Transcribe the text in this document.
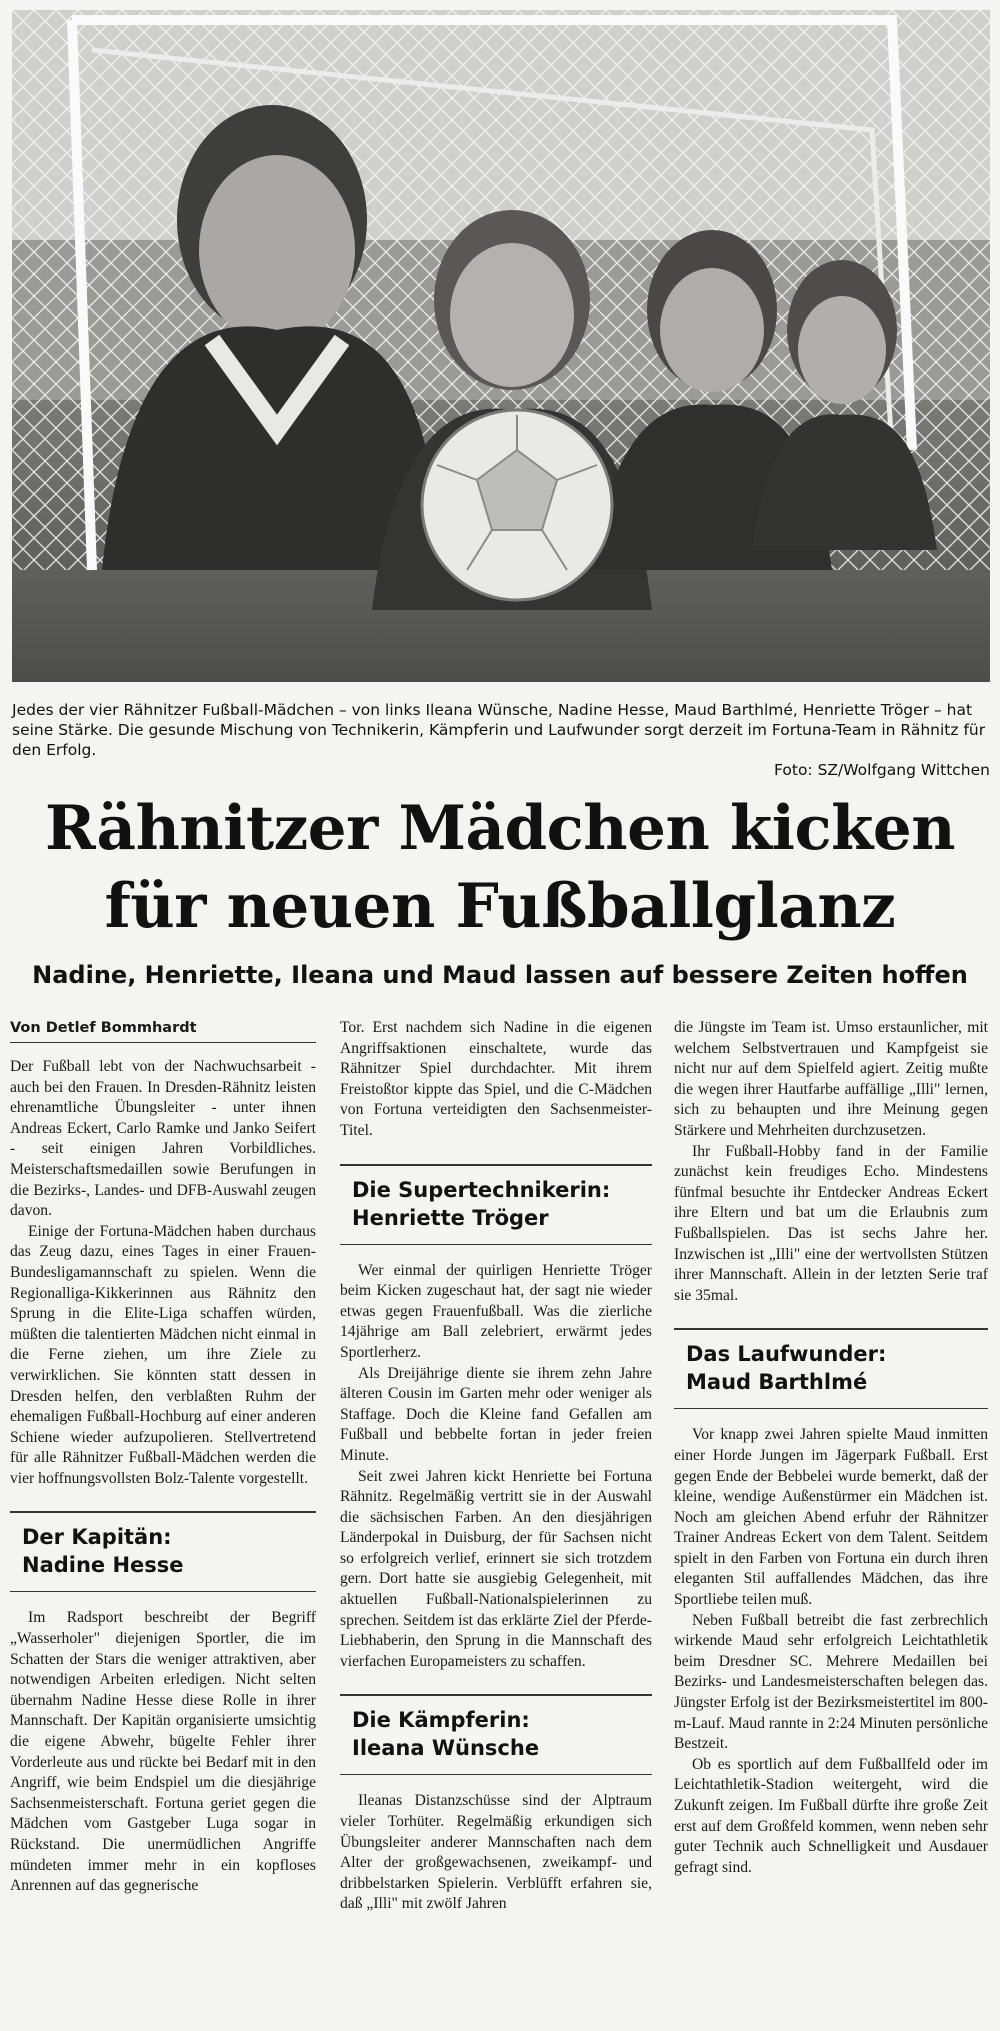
Jedes der vier Rähnitzer Fußball-Mädchen – von links Ileana Wünsche, Nadine Hesse, Maud Barthlmé, Henriette Tröger – hat seine Stärke. Die gesunde Mischung von Technikerin, Kämpferin und Laufwunder sorgt derzeit im Fortuna-Team in Rähnitz für den Erfolg.
Foto: SZ/Wolfgang Wittchen
Rähnitzer Mädchen kicken
für neuen Fußballglanz
Nadine, Henriette, Ileana und Maud lassen auf bessere Zeiten hoffen
Von Detlef Bommhardt

Der Fußball lebt von der Nachwuchsarbeit - auch bei den Frauen. In Dresden-Rähnitz leisten ehrenamtliche Übungsleiter - unter ihnen Andreas Eckert, Carlo Ramke und Janko Seifert - seit einigen Jahren Vorbildliches. Meisterschaftsmedaillen sowie Berufungen in die Bezirks-, Landes- und DFB-Auswahl zeugen davon.

Einige der Fortuna-Mädchen haben durchaus das Zeug dazu, eines Tages in einer Frauen-Bundesligamannschaft zu spielen. Wenn die Regionalliga-Kikkerinnen aus Rähnitz den Sprung in die Elite-Liga schaffen würden, müßten die talentierten Mädchen nicht einmal in die Ferne ziehen, um ihre Ziele zu verwirklichen. Sie könnten statt dessen in Dresden helfen, den verblaßten Ruhm der ehemaligen Fußball-Hochburg auf einer anderen Schiene wieder aufzupolieren. Stellvertretend für alle Rähnitzer Fußball-Mädchen werden die vier hoffnungsvollsten Bolz-Talente vorgestellt.

Der Kapitän:
Nadine Hesse

Im Radsport beschreibt der Begriff „Wasserholer" diejenigen Sportler, die im Schatten der Stars die weniger attraktiven, aber notwendigen Arbeiten erledigen. Nicht selten übernahm Nadine Hesse diese Rolle in ihrer Mannschaft. Der Kapitän organisierte umsichtig die eigene Abwehr, bügelte Fehler ihrer Vorderleute aus und rückte bei Bedarf mit in den Angriff, wie beim Endspiel um die diesjährige Sachsenmeisterschaft. Fortuna geriet gegen die Mädchen vom Gastgeber Luga sogar in Rückstand. Die unermüdlichen Angriffe mündeten immer mehr in ein kopfloses Anrennen auf das gegnerische

Tor. Erst nachdem sich Nadine in die eigenen Angriffsaktionen einschaltete, wurde das Rähnitzer Spiel durchdachter. Mit ihrem Freistoßtor kippte das Spiel, und die C-Mädchen von Fortuna verteidigten den Sachsenmeister-Titel.

Die Supertechnikerin:
Henriette Tröger

Wer einmal der quirligen Henriette Tröger beim Kicken zugeschaut hat, der sagt nie wieder etwas gegen Frauenfußball. Was die zierliche 14jährige am Ball zelebriert, erwärmt jedes Sportlerherz.

Als Dreijährige diente sie ihrem zehn Jahre älteren Cousin im Garten mehr oder weniger als Staffage. Doch die Kleine fand Gefallen am Fußball und bebbelte fortan in jeder freien Minute.

Seit zwei Jahren kickt Henriette bei Fortuna Rähnitz. Regelmäßig vertritt sie in der Auswahl die sächsischen Farben. An den diesjährigen Länderpokal in Duisburg, der für Sachsen nicht so erfolgreich verlief, erinnert sie sich trotzdem gern. Dort hatte sie ausgiebig Gelegenheit, mit aktuellen Fußball-Nationalspielerinnen zu sprechen. Seitdem ist das erklärte Ziel der Pferde-Liebhaberin, den Sprung in die Mannschaft des vierfachen Europameisters zu schaffen.

Die Kämpferin:
Ileana Wünsche

Ileanas Distanzschüsse sind der Alptraum vieler Torhüter. Regelmäßig erkundigen sich Übungsleiter anderer Mannschaften nach dem Alter der großgewachsenen, zweikampf- und dribbelstarken Spielerin. Verblüfft erfahren sie, daß „Illi" mit zwölf Jahren

die Jüngste im Team ist. Umso erstaunlicher, mit welchem Selbstvertrauen und Kampfgeist sie nicht nur auf dem Spielfeld agiert. Zeitig mußte die wegen ihrer Hautfarbe auffällige „Illi" lernen, sich zu behaupten und ihre Meinung gegen Stärkere und Mehrheiten durchzusetzen.

Ihr Fußball-Hobby fand in der Familie zunächst kein freudiges Echo. Mindestens fünfmal besuchte ihr Entdecker Andreas Eckert ihre Eltern und bat um die Erlaubnis zum Fußballspielen. Das ist sechs Jahre her. Inzwischen ist „Illi" eine der wertvollsten Stützen ihrer Mannschaft. Allein in der letzten Serie traf sie 35mal.

Das Laufwunder:
Maud Barthlmé

Vor knapp zwei Jahren spielte Maud inmitten einer Horde Jungen im Jägerpark Fußball. Erst gegen Ende der Bebbelei wurde bemerkt, daß der kleine, wendige Außenstürmer ein Mädchen ist. Noch am gleichen Abend erfuhr der Rähnitzer Trainer Andreas Eckert von dem Talent. Seitdem spielt in den Farben von Fortuna ein durch ihren eleganten Stil auffallendes Mädchen, das ihre Sportliebe teilen muß.

Neben Fußball betreibt die fast zerbrechlich wirkende Maud sehr erfolgreich Leichtathletik beim Dresdner SC. Mehrere Medaillen bei Bezirks- und Landesmeisterschaften belegen das. Jüngster Erfolg ist der Bezirksmeistertitel im 800-m-Lauf. Maud rannte in 2:24 Minuten persönliche Bestzeit.

Ob es sportlich auf dem Fußballfeld oder im Leichtathletik-Stadion weitergeht, wird die Zukunft zeigen. Im Fußball dürfte ihre große Zeit erst auf dem Großfeld kommen, wenn neben sehr guter Technik auch Schnelligkeit und Ausdauer gefragt sind.
